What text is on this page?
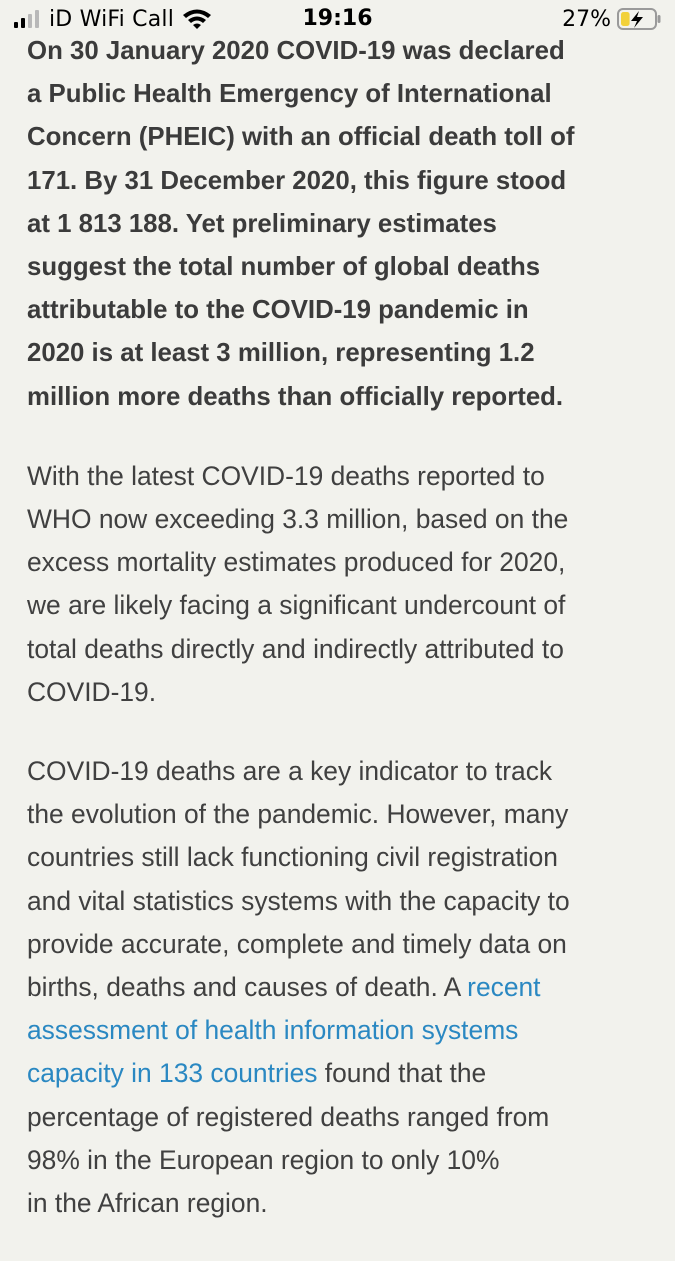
iD WiFi Call	19:16	27%

On 30 January 2020 COVID-19 was declared
a Public Health Emergency of International
Concern (PHEIC) with an official death toll of
171. By 31 December 2020, this figure stood
at 1 813 188. Yet preliminary estimates
suggest the total number of global deaths
attributable to the COVID-19 pandemic in
2020 is at least 3 million, representing 1.2
million more deaths than officially reported.

With the latest COVID-19 deaths reported to
WHO now exceeding 3.3 million, based on the
excess mortality estimates produced for 2020,
we are likely facing a significant undercount of
total deaths directly and indirectly attributed to
COVID-19.

COVID-19 deaths are a key indicator to track
the evolution of the pandemic. However, many
countries still lack functioning civil registration
and vital statistics systems with the capacity to
provide accurate, complete and timely data on
births, deaths and causes of death. A recent
assessment of health information systems
capacity in 133 countries found that the
percentage of registered deaths ranged from
98% in the European region to only 10%
in the African region.
